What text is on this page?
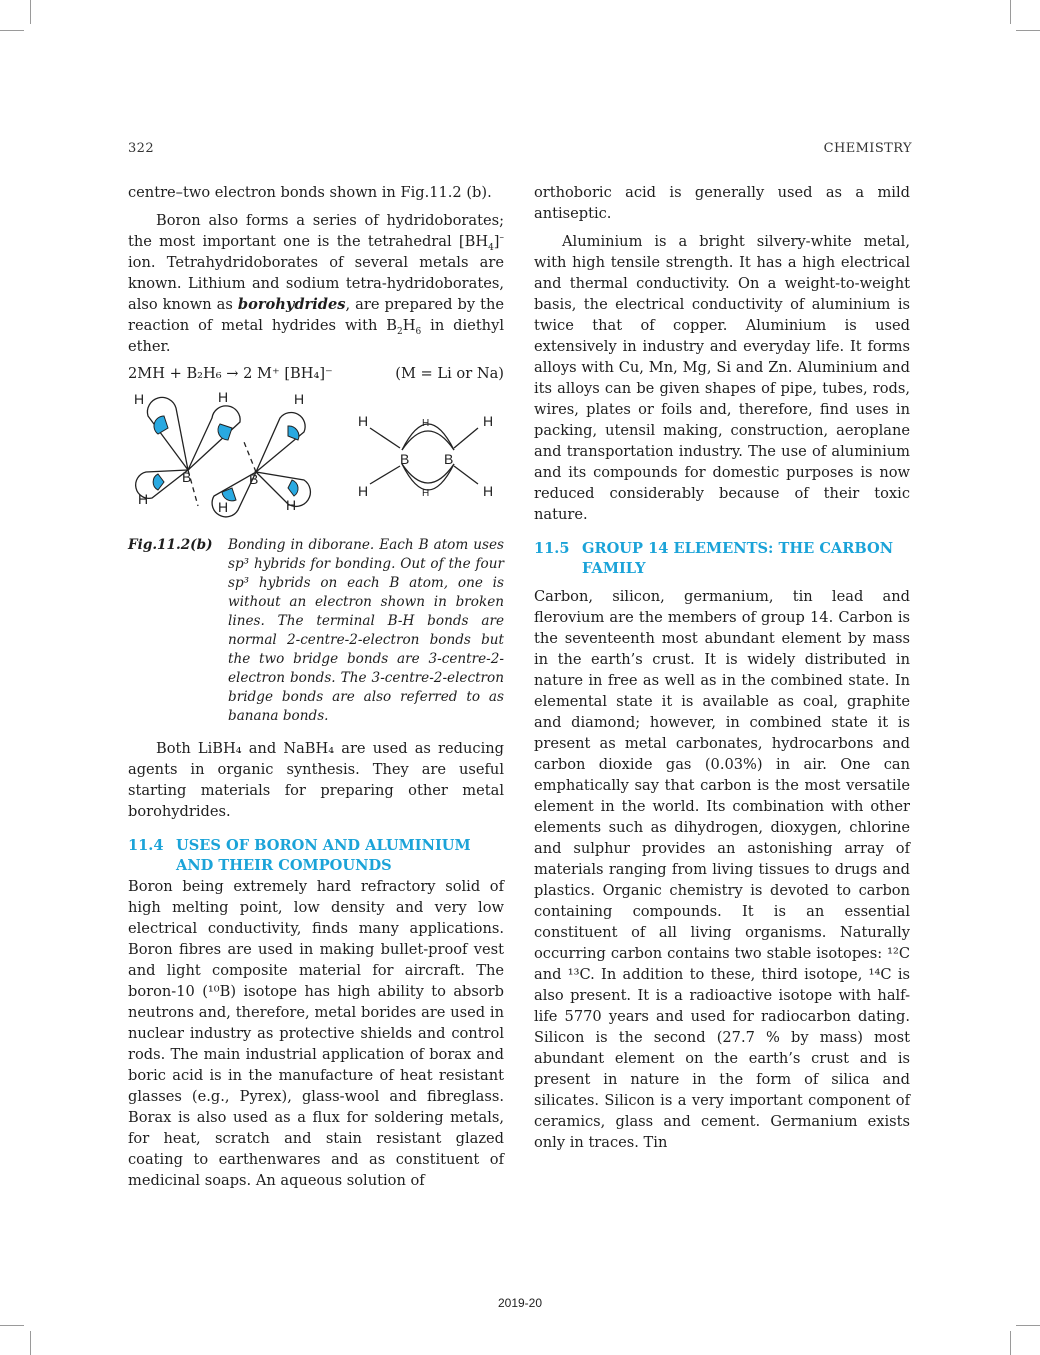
322	CHEMISTRY

centre–two electron bonds shown in Fig.11.2 (b).

Boron also forms a series of hydridoborates; the most important one is the tetrahedral $[BH_4]^-$ ion. Tetrahydridoborates of several metals are known. Lithium and sodium tetra-hydridoborates, also known as borohydrides, are prepared by the reaction of metal hydrides with $B_2H_6$ in diethyl ether.

2MH + B₂H₆ → 2 M⁺ [BH₄]⁻	(M = Li or Na)
H	H	H
B	B
H	H	H
H	H	H
B B
H	H	H
Fig.11.2(b)	Bonding in diborane. Each B atom uses sp³ hybrids for bonding. Out of the four sp³ hybrids on each B atom, one is without an electron shown in broken lines. The terminal B-H bonds are normal 2-centre-2-electron bonds but the two bridge bonds are 3-centre-2-electron bonds. The 3-centre-2-electron bridge bonds are also referred to as banana bonds.

Both LiBH₄ and NaBH₄ are used as reducing agents in organic synthesis. They are useful starting materials for preparing other metal borohydrides.

11.4 USES OF BORON AND ALUMINIUM AND THEIR COMPOUNDS

Boron being extremely hard refractory solid of high melting point, low density and very low electrical conductivity, finds many applications. Boron fibres are used in making bullet-proof vest and light composite material for aircraft. The boron-10 (¹⁰B) isotope has high ability to absorb neutrons and, therefore, metal borides are used in nuclear industry as protective shields and control rods. The main industrial application of borax and boric acid is in the manufacture of heat resistant glasses (e.g., Pyrex), glass-wool and fibreglass. Borax is also used as a flux for soldering metals, for heat, scratch and stain resistant glazed coating to earthenwares and as constituent of medicinal soaps. An aqueous solution of

orthoboric acid is generally used as a mild antiseptic.

Aluminium is a bright silvery-white metal, with high tensile strength. It has a high electrical and thermal conductivity. On a weight-to-weight basis, the electrical conductivity of aluminium is twice that of copper. Aluminium is used extensively in industry and everyday life. It forms alloys with Cu, Mn, Mg, Si and Zn. Aluminium and its alloys can be given shapes of pipe, tubes, rods, wires, plates or foils and, therefore, find uses in packing, utensil making, construction, aeroplane and transportation industry. The use of aluminium and its compounds for domestic purposes is now reduced considerably because of their toxic nature.

11.5 GROUP 14 ELEMENTS: THE CARBON FAMILY

Carbon, silicon, germanium, tin lead and flerovium are the members of group 14. Carbon is the seventeenth most abundant element by mass in the earth’s crust. It is widely distributed in nature in free as well as in the combined state. In elemental state it is available as coal, graphite and diamond; however, in combined state it is present as metal carbonates, hydrocarbons and carbon dioxide gas (0.03%) in air. One can emphatically say that carbon is the most versatile element in the world. Its combination with other elements such as dihydrogen, dioxygen, chlorine and sulphur provides an astonishing array of materials ranging from living tissues to drugs and plastics. Organic chemistry is devoted to carbon containing compounds. It is an essential constituent of all living organisms. Naturally occurring carbon contains two stable isotopes: ¹²C and ¹³C. In addition to these, third isotope, ¹⁴C is also present. It is a radioactive isotope with half-life 5770 years and used for radiocarbon dating. Silicon is the second (27.7 % by mass) most abundant element on the earth’s crust and is present in nature in the form of silica and silicates. Silicon is a very important component of ceramics, glass and cement. Germanium exists only in traces. Tin

2019-20
